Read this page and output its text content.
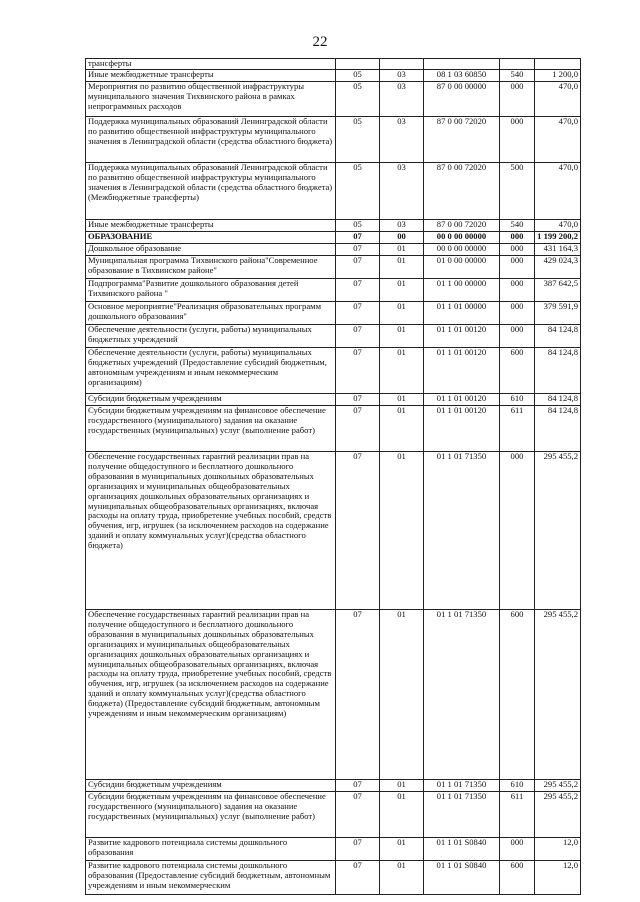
22
трансферты					
Иные межбюджетные трансферты	05	03	08 1 03 60850	540	1 200,0
Мероприятия по развитию общественной инфраструктуры муниципального значения Тихвинского района в рамках непрограммных расходов	05	03	87 0 00 00000	000	470,0
Поддержка муниципальных образований Ленинградской области по развитию общественной инфраструктуры муниципального значения в Ленинградской области (средства областного бюджета)	05	03	87 0 00 72020	000	470,0
Поддержка муниципальных образований Ленинградской области по развитию общественной инфраструктуры муниципального значения в Ленинградской области (средства областного бюджета) (Межбюджетные трансферты)	05	03	87 0 00 72020	500	470,0
Иные межбюджетные трансферты	05	03	87 0 00 72020	540	470,0
ОБРАЗОВАНИЕ	07	00	00 0 00 00000	000	1 199 200,2
Дошкольное образование	07	01	00 0 00 00000	000	431 164,3
Муниципальная программа Тихвинского района"Современное образование в Тихвинском районе"	07	01	01 0 00 00000	000	429 024,3
Подпрограмма"Развитие дошкольного образования детей Тихвинского района "	07	01	01 1 00 00000	000	387 642,5
Основное мероприятие"Реализация образовательных программ дошкольного образования"	07	01	01 1 01 00000	000	379 591,9
Обеспечение деятельности (услуги, работы) муниципальных бюджетных учреждений	07	01	01 1 01 00120	000	84 124,8
Обеспечение деятельности (услуги, работы) муниципальных бюджетных учреждений (Предоставление субсидий бюджетным, автономным учреждениям и иным некоммерческим организациям)	07	01	01 1 01 00120	600	84 124,8
Субсидии бюджетным учреждениям	07	01	01 1 01 00120	610	84 124,8
Субсидии бюджетным учреждениям на финансовое обеспечение государственного (муниципального) задания на оказание государственных (муниципальных) услуг (выполнение работ)	07	01	01 1 01 00120	611	84 124,8
Обеспечение государственных гарантий реализации прав на получение общедоступного и бесплатного дошкольного образования в муниципальных дошкольных образовательных организациях и муниципальных общеобразовательных организациях дошкольных образовательных организациях и муниципальных общеобразовательных организациях, включая расходы на оплату труда, приобретение учебных пособий, средств обучения, игр, игрушек (за исключением расходов на содержание зданий и оплату коммунальных услуг)(средства областного бюджета)	07	01	01 1 01 71350	000	295 455,2
Обеспечение государственных гарантий реализации прав на получение общедоступного и бесплатного дошкольного образования в муниципальных дошкольных образовательных организациях и муниципальных общеобразовательных организациях дошкольных образовательных организациях и муниципальных общеобразовательных организациях, включая расходы на оплату труда, приобретение учебных пособий, средств обучения, игр, игрушек (за исключением расходов на содержание зданий и оплату коммунальных услуг)(средства областного бюджета) (Предоставление субсидий бюджетным, автономным учреждениям и иным некоммерческим организациям)	07	01	01 1 01 71350	600	295 455,2
Субсидии бюджетным учреждениям	07	01	01 1 01 71350	610	295 455,2
Субсидии бюджетным учреждениям на финансовое обеспечение государственного (муниципального) задания на оказание государственных (муниципальных) услуг (выполнение работ)	07	01	01 1 01 71350	611	295 455,2
Развитие кадрового потенциала системы дошкольного образования	07	01	01 1 01 S0840	000	12,0
Развитие кадрового потенциала системы дошкольного образования (Предоставление субсидий бюджетным, автономным учреждениям и иным некоммерческим	07	01	01 1 01 S0840	600	12,0
